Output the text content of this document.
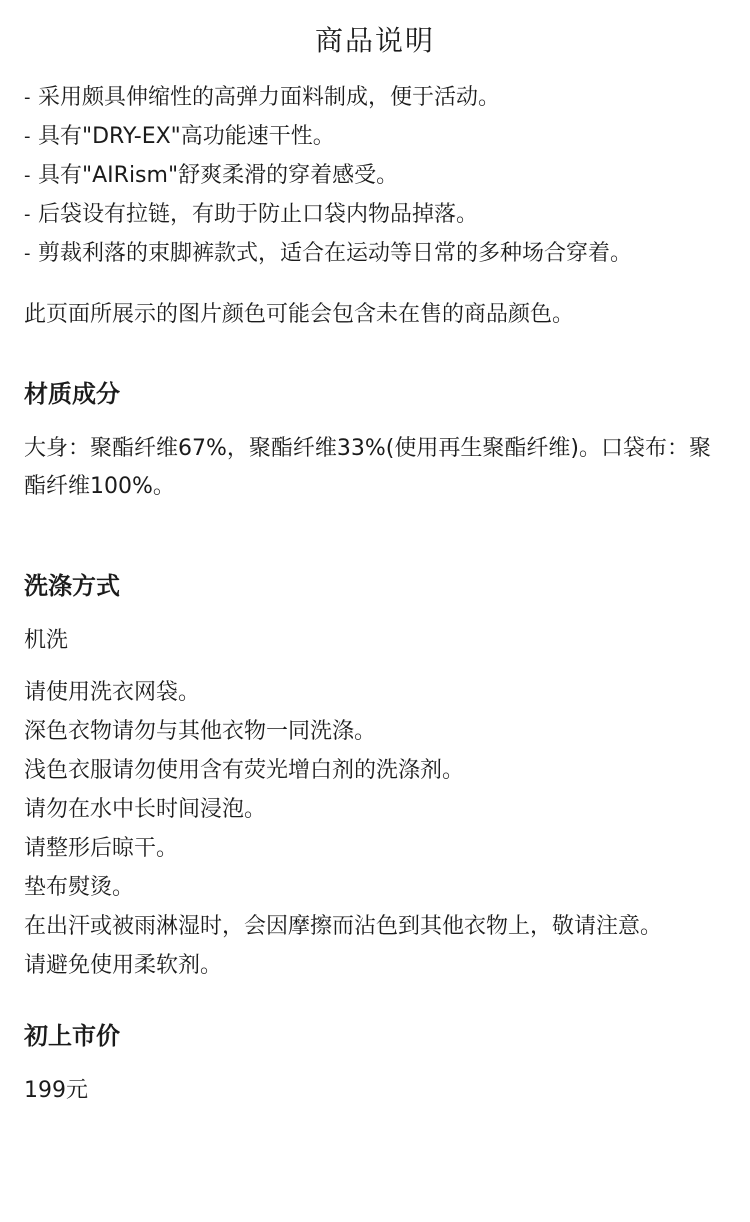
商品说明
- 采用颇具伸缩性的高弹力面料制成，便于活动。
- 具有"DRY-EX"高功能速干性。
- 具有"AIRism"舒爽柔滑的穿着感受。
- 后袋设有拉链，有助于防止口袋内物品掉落。
- 剪裁利落的束脚裤款式，适合在运动等日常的多种场合穿着。

此页面所展示的图片颜色可能会包含未在售的商品颜色。

材质成分

大身：聚酯纤维67%，聚酯纤维33%(使用再生聚酯纤维)。口袋布：聚酯纤维100%。

洗涤方式

机洗

请使用洗衣网袋。
深色衣物请勿与其他衣物一同洗涤。
浅色衣服请勿使用含有荧光增白剂的洗涤剂。
请勿在水中长时间浸泡。
请整形后晾干。
垫布熨烫。
在出汗或被雨淋湿时，会因摩擦而沾色到其他衣物上，敬请注意。
请避免使用柔软剂。
初上市价

199元
